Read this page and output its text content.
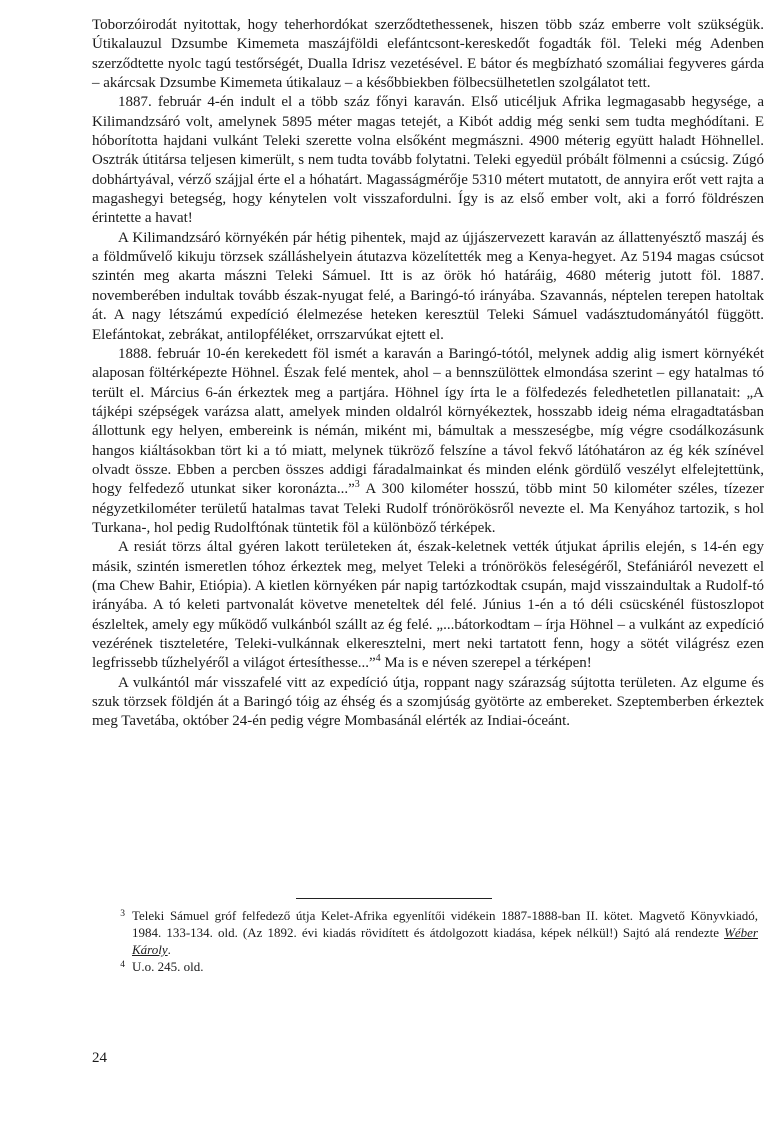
Toborzóirodát nyitottak, hogy teherhordókat szerződtethessenek, hiszen több száz emberre volt szükségük. Útikalauzul Dzsumbe Kimemeta maszájföldi elefántcsont-kereskedőt fogadták föl. Teleki még Adenben szerződtette nyolc tagú testőrségét, Dualla Idrisz vezetésével. E bátor és megbízható szomáliai fegyveres gárda – akárcsak Dzsumbe Kimemeta útikalauz – a későbbiekben fölbecsülhetetlen szolgálatot tett.

1887. február 4-én indult el a több száz főnyi karaván. Első uticéljuk Afrika legmagasabb hegysége, a Kilimandzsáró volt, amelynek 5895 méter magas tetejét, a Kibót addig még senki sem tudta meghódítani. E hóborította hajdani vulkánt Teleki szerette volna elsőként megmászni. 4900 méterig együtt haladt Höhnellel. Osztrák útitársa teljesen kimerült, s nem tudta tovább folytatni. Teleki egyedül próbált fölmenni a csúcsig. Zúgó dobhártyával, vérző szájjal érte el a hóhatárt. Magasságmérője 5310 métert mutatott, de annyira erőt vett rajta a magashegyi betegség, hogy kénytelen volt visszafordulni. Így is az első ember volt, aki a forró földrészen érintette a havat!

A Kilimandzsáró környékén pár hétig pihentek, majd az újjászervezett karaván az állattenyésztő maszáj és a földművelő kikuju törzsek szálláshelyein átutazva közelítették meg a Kenya-hegyet. Az 5194 magas csúcsot szintén meg akarta mászni Teleki Sámuel. Itt is az örök hó határáig, 4680 méterig jutott föl. 1887. novemberében indultak tovább észak-nyugat felé, a Baringó-tó irányába. Szavannás, néptelen terepen hatoltak át. A nagy létszámú expedíció élelmezése heteken keresztül Teleki Sámuel vadásztudományától függött. Elefántokat, zebrákat, antilopféléket, orrszarvúkat ejtett el.

1888. február 10-én kerekedett föl ismét a karaván a Baringó-tótól, melynek addig alig ismert környékét alaposan föltérképezte Höhnel. Észak felé mentek, ahol – a bennszülöttek elmondása szerint – egy hatalmas tó terült el. Március 6-án érkeztek meg a partjára. Höhnel így írta le a fölfedezés feledhetetlen pillanatait: „A tájképi szépségek varázsa alatt, amelyek minden oldalról környékeztek, hosszabb ideig néma elragadtatásban állottunk egy helyen, embereink is némán, miként mi, bámultak a messzeségbe, míg végre csodálkozásunk hangos kiáltásokban tört ki a tó miatt, melynek tükröző felszíne a távol fekvő látóhatáron az ég kék színével olvadt össze. Ebben a percben összes addigi fáradalmainkat és minden elénk gördülő veszélyt elfelejtettünk, hogy felfedező utunkat siker koronázta...”$^3$ A 300 kilométer hosszú, több mint 50 kilométer széles, tízezer négyzetkilométer területű hatalmas tavat Teleki Rudolf trónörökösről nevezte el. Ma Kenyához tartozik, s hol Turkana-, hol pedig Rudolftónak tüntetik föl a különböző térképek.

A resiát törzs által gyéren lakott területeken át, észak-keletnek vették útjukat április elején, s 14-én egy másik, szintén ismeretlen tóhoz érkeztek meg, melyet Teleki a trónörökös feleségéről, Stefániáról nevezett el (ma Chew Bahir, Etiópia). A kietlen környéken pár napig tartózkodtak csupán, majd visszaindultak a Rudolf-tó irányába. A tó keleti partvonalát követve meneteltek dél felé. Június 1-én a tó déli csücskénél füstoszlopot észleltek, amely egy működő vulkánból szállt az ég felé. „...bátorkodtam – írja Höhnel – a vulkánt az expedíció vezérének tiszteletére, Teleki-vulkánnak elkeresztelni, mert neki tartatott fenn, hogy a sötét világrész ezen legfrissebb tűzhelyéről a világot értesíthesse...”$^4$ Ma is e néven szerepel a térképen!

A vulkántól már visszafelé vitt az expedíció útja, roppant nagy szárazság sújtotta területen. Az elgume és szuk törzsek földjén át a Baringó tóig az éhség és a szomjúság gyötörte az embereket. Szeptemberben érkeztek meg Tavetába, október 24-én pedig végre Mombasánál elérték az Indiai-óceánt.

$^3$ Teleki Sámuel gróf felfedező útja Kelet-Afrika egyenlítői vidékein 1887-1888-ban II. kötet. Magvető Könyvkiadó, 1984. 133-134. old. (Az 1892. évi kiadás rövidített és átdolgozott kiadása, képek nélkül!) Sajtó alá rendezte Wéber Károly.
$^4$ U.o. 245. old.
24
